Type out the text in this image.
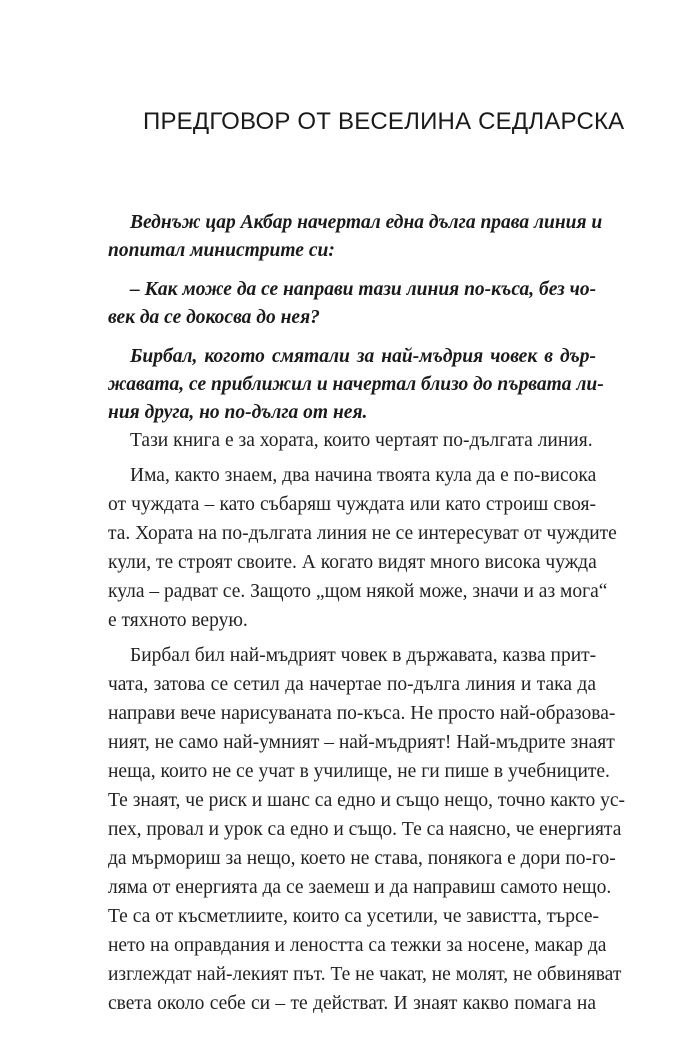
ПРЕДГОВОР ОТ ВЕСЕЛИНА СЕДЛАРСКА
Веднъж цар Акбар начертал една дълга права линия и
попитал министрите си:
– Как може да се направи тази линия по-къса, без чо-
век да се докосва до нея?
Бирбал, когото смятали за най-мъдрия човек в дър-
жавата, се приближил и начертал близо до първата ли-
ния друга, но по-дълга от нея.
Тази книга е за хората, които чертаят по-дългата линия.
Има, както знаем, два начина твоята кула да е по-висока
от чуждата – като събаряш чуждата или като строиш своя-
та. Хората на по-дългата линия не се интересуват от чуждите
кули, те строят своите. А когато видят много висока чужда
кула – радват се. Защото „щом някой може, значи и аз мога“
е тяхното верую.
Бирбал бил най-мъдрият човек в държавата, казва прит-
чата, затова се сетил да начертае по-дълга линия и така да
направи вече нарисуваната по-къса. Не просто най-образова-
ният, не само най-умният – най-мъдрият! Най-мъдрите знаят
неща, които не се учат в училище, не ги пише в учебниците.
Те знаят, че риск и шанс са едно и също нещо, точно както ус-
пех, провал и урок са едно и също. Те са наясно, че енергията
да мърмориш за нещо, което не става, понякога е дори по-го-
ляма от енергията да се заемеш и да направиш самото нещо.
Те са от късметлиите, които са усетили, че завистта, търсе-
нето на оправдания и леността са тежки за носене, макар да
изглеждат най-лекият път. Те не чакат, не молят, не обвиняват
света около себе си – те действат. И знаят какво помага на
